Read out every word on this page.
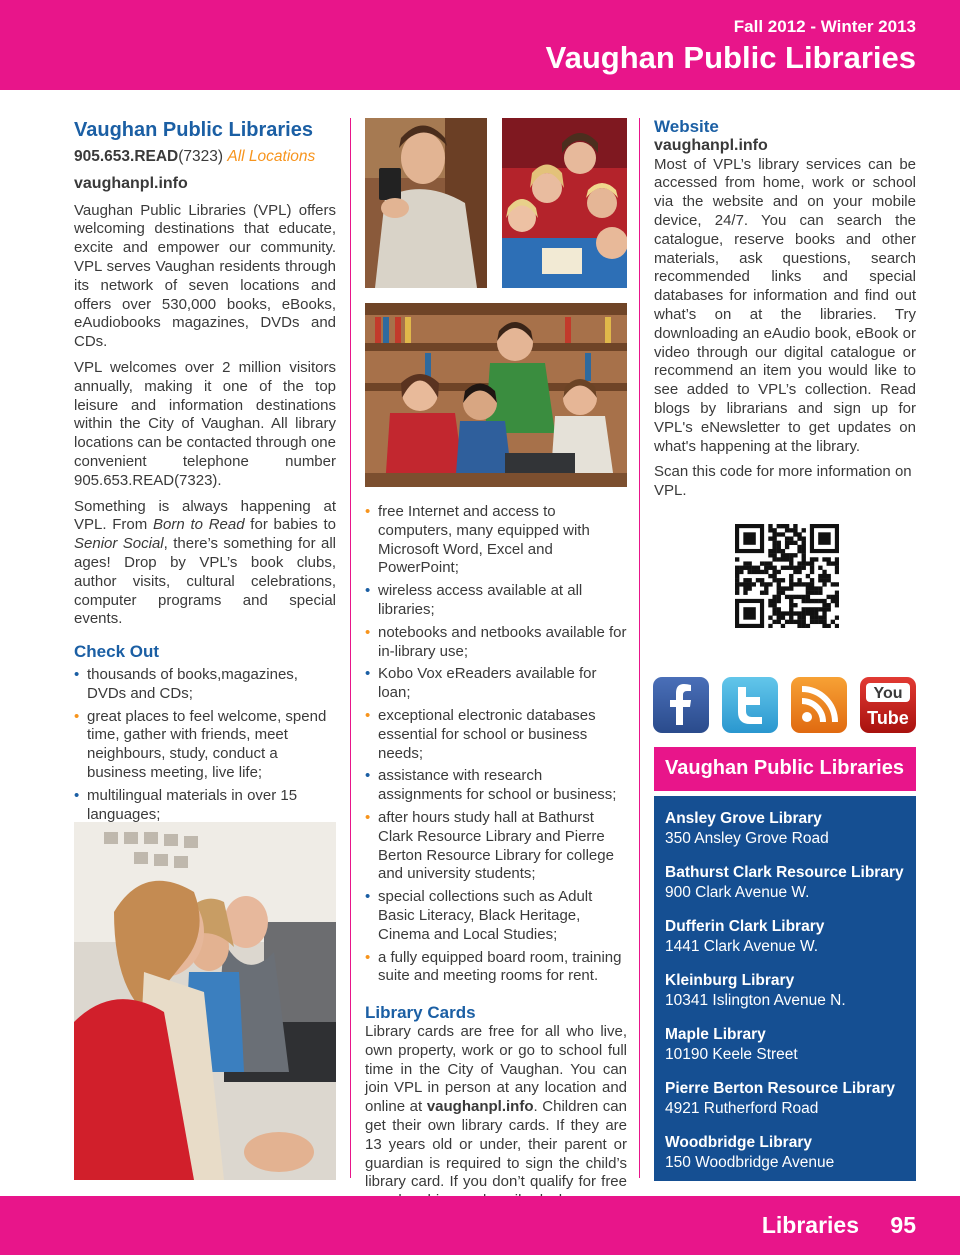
Fall 2012 - Winter 2013
Vaughan Public Libraries
Vaughan Public Libraries
905.653.READ(7323) All Locations
vaughanpl.info

Vaughan Public Libraries (VPL) offers welcoming destinations that educate, excite and empower our community. VPL serves Vaughan residents through its network of seven locations and offers over 530,000 books, eBooks, eAudiobooks magazines, DVDs and CDs.

VPL welcomes over 2 million visitors annually, making it one of the top leisure and information destinations within the City of Vaughan. All library locations can be contacted through one convenient telephone number 905.653.READ(7323).

Something is always happening at VPL. From Born to Read for babies to Senior Social, there’s something for all ages! Drop by VPL’s book clubs, author visits, cultural celebrations, computer programs and special events.

Check Out
• thousands of books,magazines, DVDs and CDs;
• great places to feel welcome, spend time, gather with friends, meet neighbours, study, conduct a business meeting, live life;
• multilingual materials in over 15 languages;
• free Internet and access to computers, many equipped with Microsoft Word, Excel and PowerPoint;
• wireless access available at all libraries;
• notebooks and netbooks available for in-library use;
• Kobo Vox eReaders available for loan;
• exceptional electronic databases essential for school or business needs;
• assistance with research assignments for school or business;
• after hours study hall at Bathurst Clark Resource Library and Pierre Berton Resource Library for college and university students;
• special collections such as Adult Basic Literacy, Black Heritage, Cinema and Local Studies;
• a fully equipped board room, training suite and meeting rooms for rent.
Library Cards

Library cards are free for all who live, own property, work or go to school full time in the City of Vaughan. You can join VPL in person at any location and online at vaughanpl.info. Children can get their own library cards. If they are 13 years old or under, their parent or guardian is required to sign the child’s library card. If you don’t qualify for free

Website
vaughanpl.info

Most of VPL’s library services can be accessed from home, work or school via the website and on your mobile device, 24/7. You can search the catalogue, reserve books and other materials, ask questions, search recommended links and special databases for information and find out what’s on at the libraries. Try downloading an eAudio book, eBook or video through our digital catalogue or recommend an item you would like to see added to VPL’s collection. Read blogs by librarians and sign up for VPL's eNewsletter to get updates on what's happening at the library.

Scan this code for more information on VPL.

You
Tube
Vaughan Public Libraries
Ansley Grove Library
350 Ansley Grove Road
Bathurst Clark Resource Library
900 Clark Avenue W.
Dufferin Clark Library
1441 Clark Avenue W.
Kleinburg Library
10341 Islington Avenue N.
Maple Library
10190 Keele Street
Pierre Berton Resource Library
4921 Rutherford Road
Woodbridge Library
150 Woodbridge Avenue
Libraries 95
